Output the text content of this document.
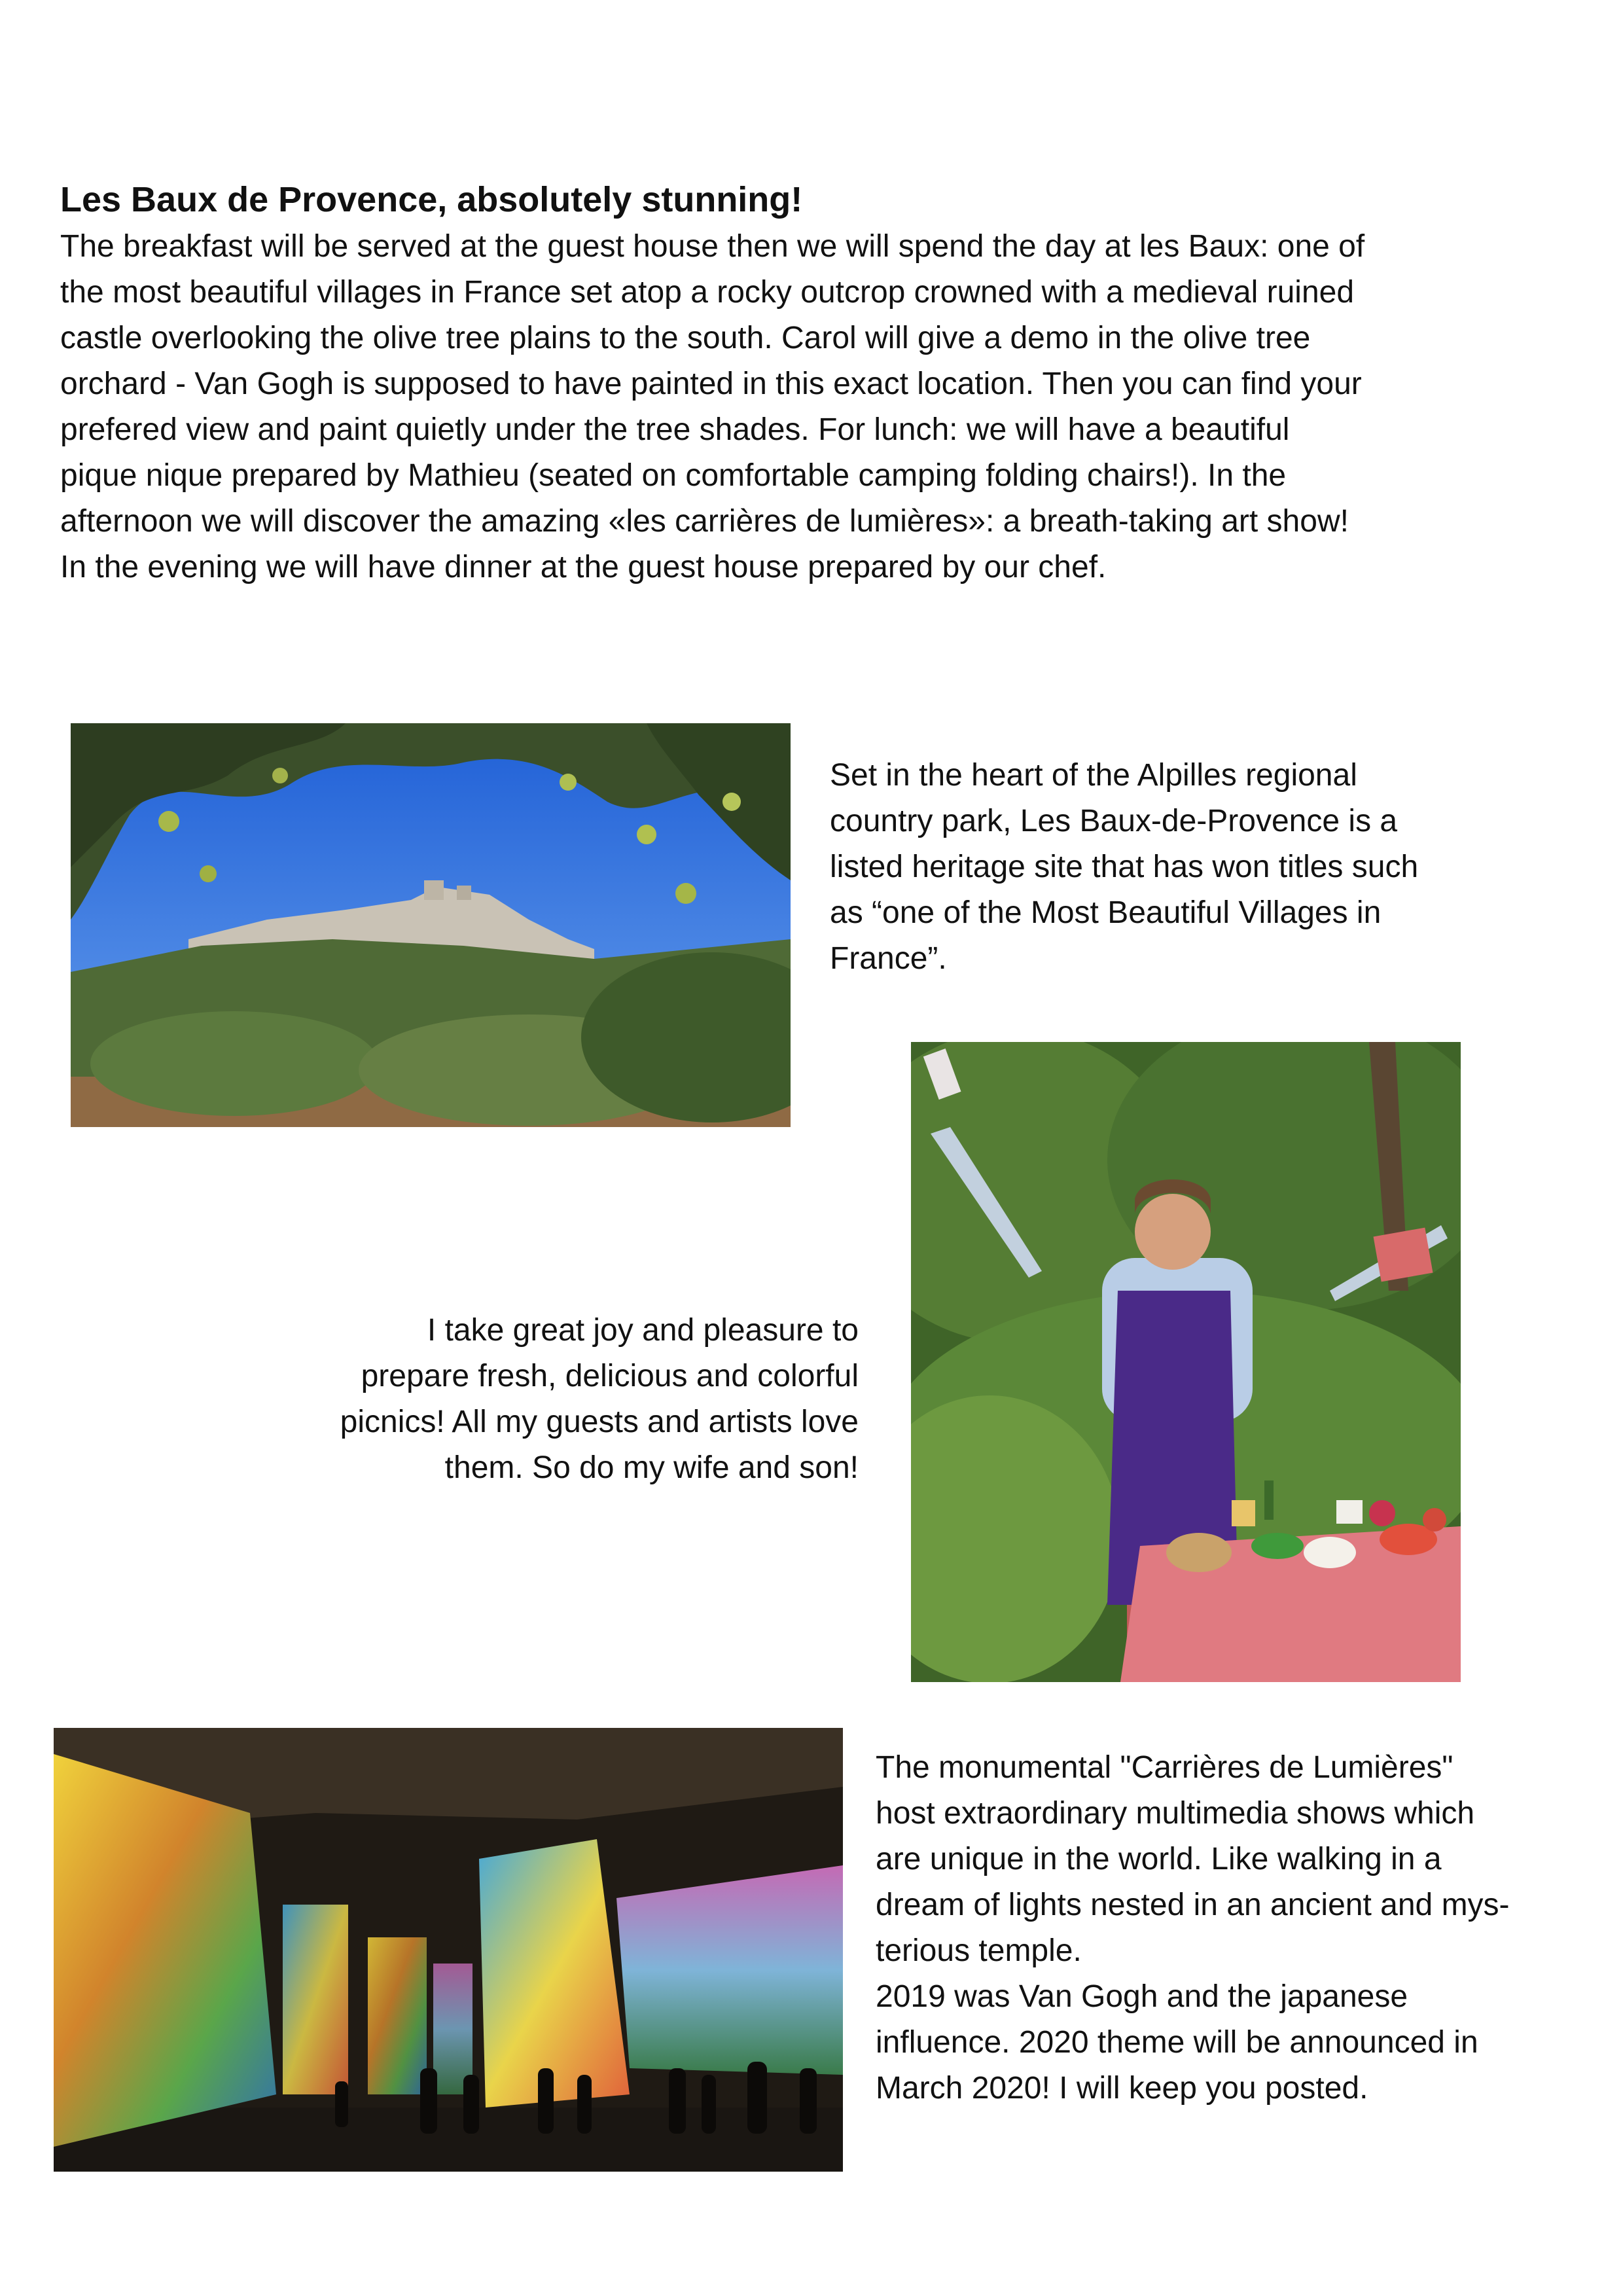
Les Baux de Provence, absolutely stunning!
The breakfast will be served at the guest house then we will spend the day at les Baux: one of
the most beautiful villages in France set atop a rocky outcrop crowned with a medieval ruined
castle overlooking the olive tree plains to the south. Carol will give a demo in the olive tree
orchard - Van Gogh is supposed to have painted in this exact location. Then you can find your
prefered view and paint quietly under the tree shades. For lunch: we will have a beautiful
pique nique prepared by Mathieu (seated on comfortable camping folding chairs!). In the
afternoon we will discover the amazing «les carrières de lumières»: a breath-taking art show!
In the evening we will have dinner at the guest house prepared by our chef.

Set in the heart of the Alpilles regional
country park, Les Baux-de-Provence is a
listed heritage site that has won titles such
as “one of the Most Beautiful Villages in
France”.

I take great joy and pleasure to
prepare fresh, delicious and colorful
picnics! All my guests and artists love
them. So do my wife and son!

The monumental "Carrières de Lumières"
host extraordinary multimedia shows which
are unique in the world. Like walking in a
dream of lights nested in an ancient and mys-
terious temple.
2019 was Van Gogh and the japanese
influence. 2020 theme will be announced in
March 2020! I will keep you posted.
